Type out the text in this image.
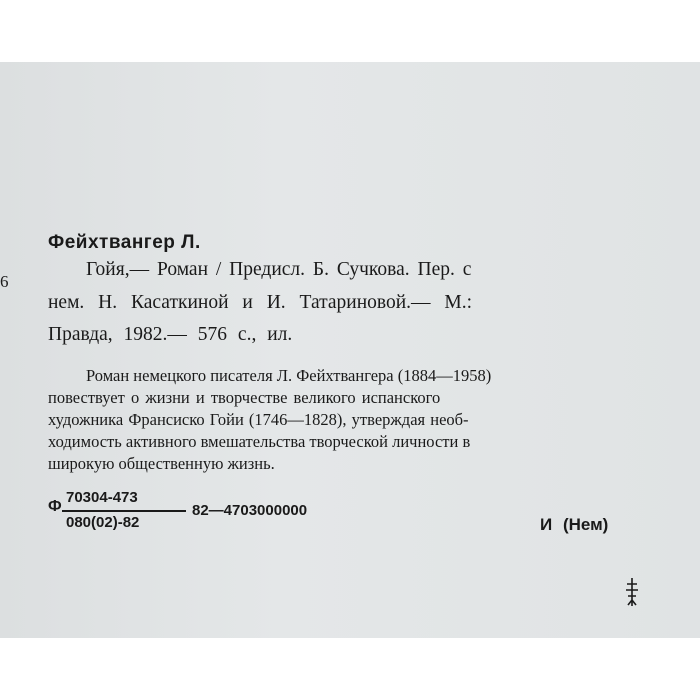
6
Фейхтвангер Л.
Гойя,— Роман / Предисл. Б. Сучкова. Пер. с
нем. Н. Касаткиной и И. Татариновой.— М.:
Правда, 1982.— 576 с., ил.
Роман немецкого писателя Л. Фейхтвангера (1884—1958)
повествует о жизни и творчестве великого испанского
художника Франсиско Гойи (1746—1828), утверждая необ-
ходимость активного вмешательства творческой личности в
широкую общественную жизнь.
Ф
70304-473
080(02)-82
82—4703000000
И (Нем)
